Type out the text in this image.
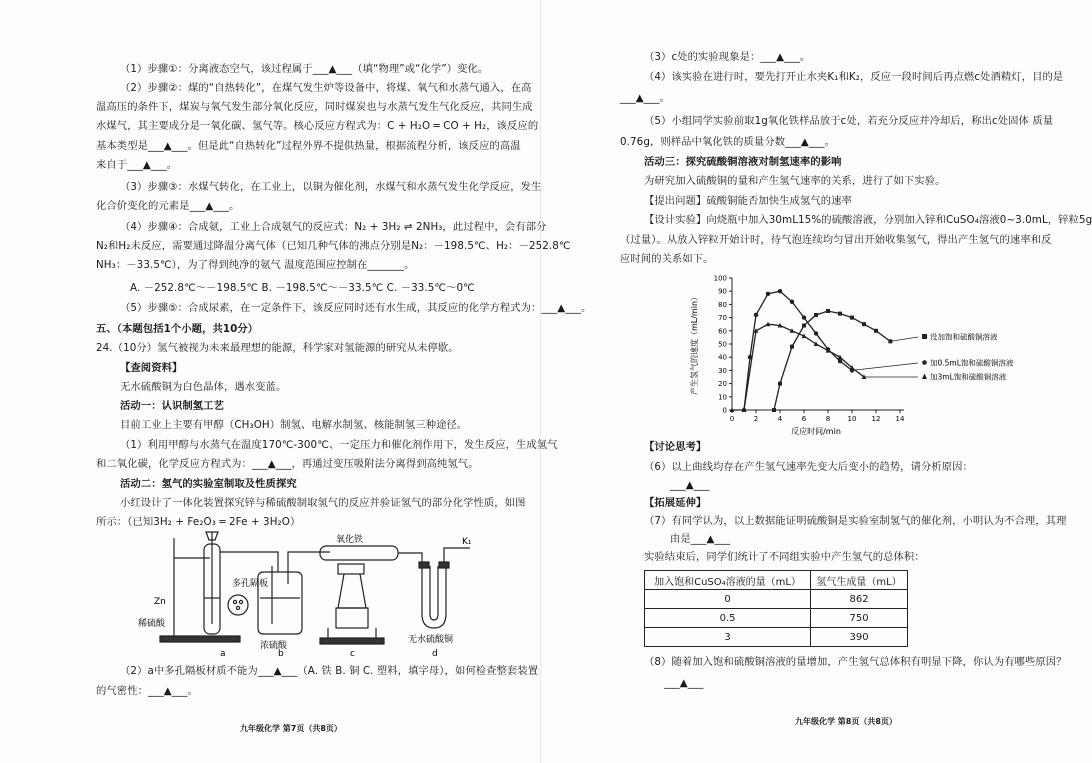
（1）步骤①：分离液态空气，该过程属于___▲___（填“物理”或“化学”）变化。
（2）步骤②：煤的“自热转化”，在煤气发生炉等设备中，将煤、氧气和水蒸气通入，在高
温高压的条件下，煤炭与氧气发生部分氧化反应，同时煤炭也与水蒸气发生气化反应，共同生成
水煤气，其主要成分是一氧化碳、氢气等。核心反应方程式为：C + H₂O ═ CO + H₂，该反应的
基本类型是___▲___。但是此“自热转化”过程外界不提供热量，根据流程分析，该反应的高温
来自于___▲___。
（3）步骤③：水煤气转化，在工业上，以铜为催化剂，水煤气和水蒸气发生化学反应，发生
化合价变化的元素是___▲___。
（4）步骤④：合成氨，工业上合成氨气的反应式：N₂ + 3H₂ ⇌ 2NH₃，此过程中，会有部分
N₂和H₂未反应，需要通过降温分离气体（已知几种气体的沸点分别是N₂：－198.5℃、H₂：－252.8℃
NH₃：－33.5℃），为了得到纯净的氨气 温度范围应控制在_______。
A. －252.8℃～－198.5℃ B. －198.5℃～－33.5℃ C. －33.5℃～0℃
（5）步骤⑤：合成尿素，在一定条件下，该反应同时还有水生成，其反应的化学方程式为：___▲___。
五、（本题包括1个小题，共10分）
24.（10分）氢气被视为未来最理想的能源，科学家对氢能源的研究从未停歇。
【查阅资料】
无水硫酸铜为白色晶体，遇水变蓝。
活动一：认识制氢工艺
目前工业上主要有甲醇（CH₃OH）制氢、电解水制氢、核能制氢三种途径。
（1）利用甲醇与水蒸气在温度170℃-300℃、一定压力和催化剂作用下，发生反应，生成氢气
和二氧化碳，化学反应方程式为：___▲___，再通过变压吸附法分离得到高纯氢气。
活动二：氢气的实验室制取及性质探究
小红设计了一体化装置探究锌与稀硫酸制取氢气的反应并验证氢气的部分化学性质，如图
所示：（已知3H₂ + Fe₂O₃ ═ 2Fe + 3H₂O）
多孔隔板
Zn
稀硫酸
浓硫酸
氧化铁
无水硫酸铜
K₁
a	b	c	d
（2）a中多孔隔板材质不能为___▲___（A. 铁 B. 铜 C. 塑料，填字母），如何检查整套装置
的气密性：___▲___。
九年级化学 第7页（共8页）
（3）c处的实验现象是：___▲___。
（4）该实验在进行时，要先打开止水夹K₁和K₂，反应一段时间后再点燃c处酒精灯，目的是
___▲___。
（5）小组同学实验前取1g氧化铁样品放于c处，若充分反应并冷却后，称出c处固体 质量
0.76g，则样品中氧化铁的质量分数___▲___。
活动三：探究硫酸铜溶液对制氢速率的影响
为研究加入硫酸铜的量和产生氢气速率的关系，进行了如下实验。
【提出问题】硫酸铜能否加快生成氢气的速率
【设计实验】向烧瓶中加入30mL15%的硫酸溶液，分别加入锌和CuSO₄溶液0~3.0mL，锌粒5g
（过量）。从放入锌粒开始计时，待气泡连续均匀冒出开始收集氢气，得出产生氢气的速率和反
应时间的关系如下。
【讨论思考】
（6）以上曲线均存在产生氢气速率先变大后变小的趋势，请分析原因：
___▲___
【拓展延伸】
（7）有同学认为，以上数据能证明硫酸铜是实验室制氢气的催化剂，小明认为不合理，其理
由是___▲___
实验结束后，同学们统计了不同组实验中产生氢气的总体积：
（8）随着加入饱和硫酸铜溶液的量增加，产生氢气总体积有明显下降，你认为有哪些原因？
___▲___
九年级化学 第8页（共8页）
0
10
20
30
40
50
60
70
80
90
100
0	2	4	6	8 10 12 14
反应时间/min
产生氢气的速度（mL/min）	没加饱和硫酸铜溶液
加0.5mL饱和硫酸铜溶液
加3mL饱和硫酸铜溶液
加入饱和CuSO₄溶液的量（mL）	氢气生成量（mL）
0	862
0.5	750
3	390
